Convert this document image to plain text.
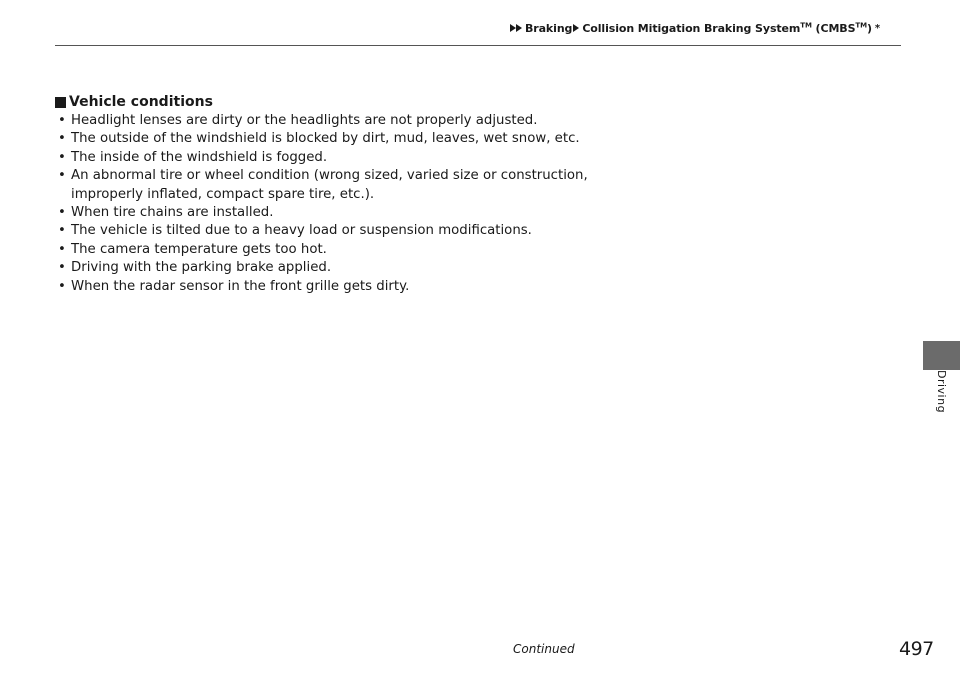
Braking Collision Mitigation Braking System™ (CMBS™) *
Driving
Vehicle conditions
• Headlight lenses are dirty or the headlights are not properly adjusted.
• The outside of the windshield is blocked by dirt, mud, leaves, wet snow, etc.
• The inside of the windshield is fogged.
• An abnormal tire or wheel condition (wrong sized, varied size or construction, improperly inflated, compact spare tire, etc.).
• When tire chains are installed.
• The vehicle is tilted due to a heavy load or suspension modifications.
• The camera temperature gets too hot.
• Driving with the parking brake applied.
• When the radar sensor in the front grille gets dirty.
Continued	497
